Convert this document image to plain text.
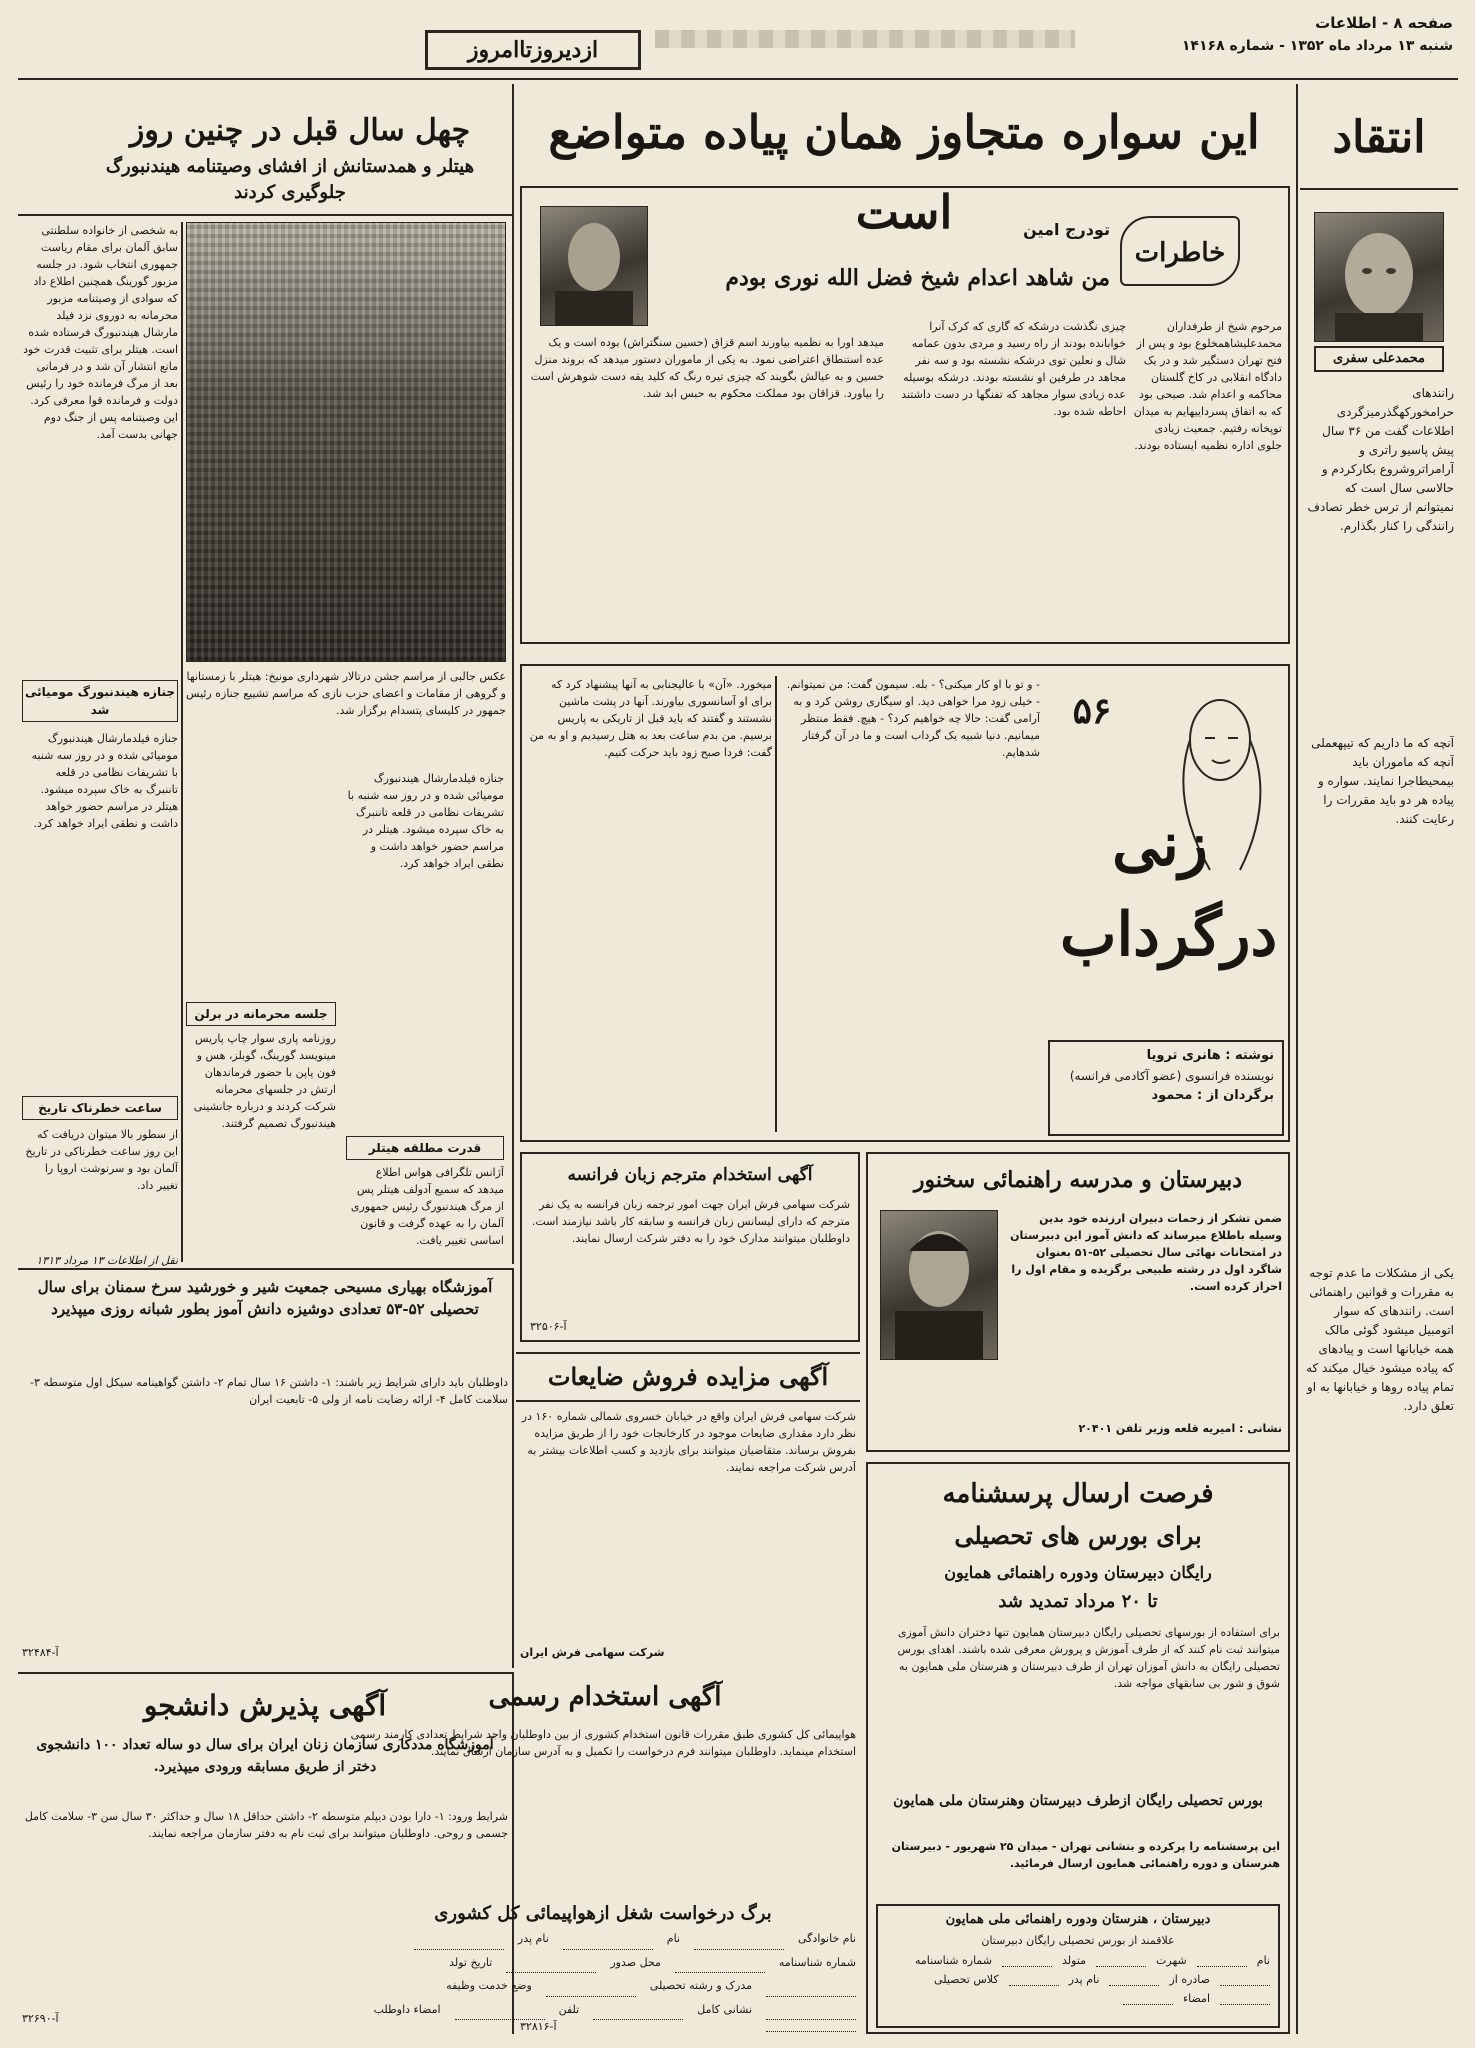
صفحه ۸ - اطلاعات
شنبه ۱۳ مرداد ماه ۱۳۵۲ - شماره ۱۴۱۶۸
ازدیروزتاامروز
انتقاد
محمدعلی سفری
رانندهای حرامخورکهگذرمیزگردی اطلاعات گفت من ۳۶ سال پیش پاسیو راتری و آرامراتروشروع بکارکردم و حالاسی سال است که نمیتوانم از ترس خطر تصادف رانندگی را کنار بگذارم.
آنچه که ما داریم که تیپهعملی آنچه که ماموران باید بیمحیطاجرا نمایند. سواره و پیاده هر دو باید مقررات را رعایت کنند.
یکی از مشکلات ما عدم توجه به مقررات و قوانین راهنمائی است. رانندهای که سوار اتومبیل میشود گوئی مالک همه خیابانها است و پیادهای که پیاده میشود خیال میکند که تمام پیاده روها و خیابانها به او تعلق دارد.
این سواره متجاوز همان پیاده متواضع است
چهل سال قبل در چنین روز
هیتلر و همدستانش از افشای وصیتنامه هیندنبورگ جلوگیری کردند
به شخصی از خانواده سلطنتی سابق آلمان برای مقام ریاست جمهوری انتخاب شود. در جلسه مزبور گورینگ همچنین اطلاع داد که سوادی از وصیتنامه مزبور محرمانه به دوروی نزد فیلد مارشال هیندنبورگ فرستاده شده است. هیتلر برای تثبیت قدرت خود مانع انتشار آن شد و در فرمانی بعد از مرگ فرمانده خود را رئیس دولت و فرمانده قوا معرفی کرد. این وصیتنامه پس از جنگ دوم جهانی بدست آمد.
عکس جالبی از مراسم جشن درتالار شهرداری مونیخ: هیتلر با زمستانها و گروهی از مقامات و اعضای حزب نازی که مراسم تشییع جنازه رئیس جمهور در کلیسای پتسدام برگزار شد.
جنازه هیندنبورگ مومیائی شد
جنازه فیلدمارشال هیندنبورگ مومیائی شده و در روز سه شنبه با تشریفات نظامی در قلعه تاننبرگ به خاک سپرده میشود. هیتلر در مراسم حضور خواهد داشت و نطقی ایراد خواهد کرد.
ساعت خطرناک تاریخ
از سطور بالا میتوان دریافت که این روز ساعت خطرناکی در تاریخ آلمان بود و سرنوشت اروپا را تغییر داد.
نقل از اطلاعات ۱۳ مرداد ۱۳۱۳
جلسه محرمانه در برلن
روزنامه پاری سوار چاپ پاریس مینویسد گورینگ، گوبلز، هس و فون پاپن با حضور فرماندهان ارتش در جلسهای محرمانه شرکت کردند و درباره جانشینی هیندنبورگ تصمیم گرفتند.
جنازه فیلدمارشال هیندنبورگ مومیائی شده و در روز سه شنبه با تشریفات نظامی در قلعه تاننبرگ به خاک سپرده میشود. هیتلر در مراسم حضور خواهد داشت و نطقی ایراد خواهد کرد.
قدرت مطلقه هیتلر
آژانس تلگرافی هواس اطلاع میدهد که سمیع آدولف هیتلر پس از مرگ هیندنبورگ رئیس جمهوری آلمان را به عهده گرفت و قانون اساسی تغییر یافت.
خاطرات
تودرج امین
من شاهد اعدام شیخ فضل الله نوری بودم
مرحوم شیخ از طرفداران محمدعلیشاهمخلوع بود و پس از فتح تهران دستگیر شد و در یک دادگاه انقلابی در کاخ گلستان محاکمه و اعدام شد. صبحی بود که به اتفاق پسرداییهایم به میدان توپخانه رفتیم. جمعیت زیادی جلوی اداره نظمیه ایستاده بودند.
چیزی نگذشت درشکه که گاری که کرک آنرا خوابانده بودند از راه رسید و مردی بدون عمامه شال و نعلین توی درشکه نشسته بود و سه نفر مجاهد در طرفین او نشسته بودند. درشکه بوسیله عده زیادی سوار مجاهد که تفنگها در دست داشتند احاطه شده بود.
میدهد اورا به نظمیه بیاورند اسم قزاق (حسین سنگتراش) بوده است و یک عده استنطاق اعتراضی نمود. به یکی از ماموران دستور میدهد که بروند منزل حسین و به عیالش بگویند که چیزی تیره رنگ که کلید یقه دست شوهرش است را بیاورد. قزاقان بود مملکت محکوم به حبس ابد شد.
۵۶
زنی درگرداب
نوشته : هانری ترویا
نویسنده فرانسوی (عضو آکادمی فرانسه)
برگردان از : محمود
- و تو با او کار میکنی؟ - بله. سیمون گفت: من نمیتوانم. - خیلی زود مرا خواهی دید. او سیگاری روشن کرد و به آرامی گفت: حالا چه خواهیم کرد؟ - هیچ. فقط منتظر میمانیم. دنیا شبیه یک گرداب است و ما در آن گرفتار شدهایم.
میخورد. «آن» با عالیجنابی به آنها پیشنهاد کرد که برای او آسانسوری بیاورند. آنها در پشت ماشین نشستند و گفتند که باید قبل از تاریکی به پاریس برسیم. من بدم ساعت بعد به هتل رسیدیم و او به من گفت: فردا صبح زود باید حرکت کنیم.
آگهی استخدام مترجم زبان فرانسه
شرکت سهامی فرش ایران جهت امور ترجمه زبان فرانسه به یک نفر مترجم که دارای لیسانس زبان فرانسه و سابقه کار باشد نیازمند است. داوطلبان میتوانند مدارک خود را به دفتر شرکت ارسال نمایند.
آ-۳۲۵۰۶
دبیرستان و مدرسه راهنمائی سخنور
ضمن تشکر از زحمات دبیران ارزنده خود بدین وسیله باطلاع میرساند که دانش آموز این دبیرستان در امتحانات نهائی سال تحصیلی ۵۲-۵۱ بعنوان شاگرد اول در رشته طبیعی برگزیده و مقام اول را احراز کرده است.
نشانی : امیریه قلعه وزیر تلفن ۲۰۴۰۱
آموزشگاه بهیاری مسیحی جمعیت شیر و خورشید سرخ سمنان برای سال تحصیلی ۵۲-۵۳ تعدادی دوشیزه دانش آموز بطور شبانه روزی میپذیرد
داوطلبان باید دارای شرایط زیر باشند: ۱- داشتن ۱۶ سال تمام ۲- داشتن گواهینامه سیکل اول متوسطه ۳- سلامت کامل ۴- ارائه رضایت نامه از ولی ۵- تابعیت ایران
آ-۳۲۴۸۴
آگهی مزایده فروش ضایعات
شرکت سهامی فرش ایران واقع در خیابان خسروی شمالی شماره ۱۶۰ در نظر دارد مقداری ضایعات موجود در کارخانجات خود را از طریق مزایده بفروش برساند. متقاضیان میتوانند برای بازدید و کسب اطلاعات بیشتر به آدرس شرکت مراجعه نمایند.
شرکت سهامی فرش ایران
آگهی پذیرش دانشجو
آموزشگاه مددکاری سازمان زنان ایران برای سال دو ساله تعداد ۱۰۰ دانشجوی دختر از طریق مسابقه ورودی میپذیرد.
شرایط ورود: ۱- دارا بودن دیپلم متوسطه ۲- داشتن حداقل ۱۸ سال و حداکثر ۳۰ سال سن ۳- سلامت کامل جسمی و روحی. داوطلبان میتوانند برای ثبت نام به دفتر سازمان مراجعه نمایند.
آ-۳۲۶۹۰
آگهی استخدام رسمی
هواپیمائی کل کشوری طبق مقررات قانون استخدام کشوری از بین داوطلبان واجد شرایط تعدادی کارمند رسمی استخدام مینماید. داوطلبان میتوانند فرم درخواست را تکمیل و به آدرس سازمان ارسال نمایند.
برگ درخواست شغل ازهواپیمائی کل کشوری
نام خانوادگی
نام
نام پدر
شماره شناسنامه
محل صدور
تاریخ تولد
مدرک و رشته تحصیلی
وضع خدمت وظیفه
نشانی کامل
تلفن
امضاء داوطلب
آ-۳۲۸۱۶
فرصت ارسال پرسشنامه
برای بورس های تحصیلی
رایگان دبیرستان ودوره راهنمائی همایون
تا ۲۰ مرداد تمدید شد
برای استفاده از بورسهای تحصیلی رایگان دبیرستان همایون تنها دختران دانش آموزی میتوانند ثبت نام کنند که از طرف آموزش و پرورش معرفی شده باشند. اهدای بورس تحصیلی رایگان به دانش آموزان تهران از طرف دبیرستان و هنرستان ملی همایون به شوق و شور بی سابقهای مواجه شد.
بورس تحصیلی رایگان ازطرف دبیرستان وهنرستان ملی همایون
این پرسشنامه را پرکرده و بنشانی تهران - میدان ۲۵ شهریور - دبیرستان هنرستان و دوره راهنمائی همایون ارسال فرمائید.
دبیرستان ، هنرستان ودوره راهنمائی ملی همایون
علاقمند از بورس تحصیلی رایگان دبیرستان
نام
شهرت
متولد
شماره شناسنامه
صادره از
نام پدر
کلاس تحصیلی
امضاء
